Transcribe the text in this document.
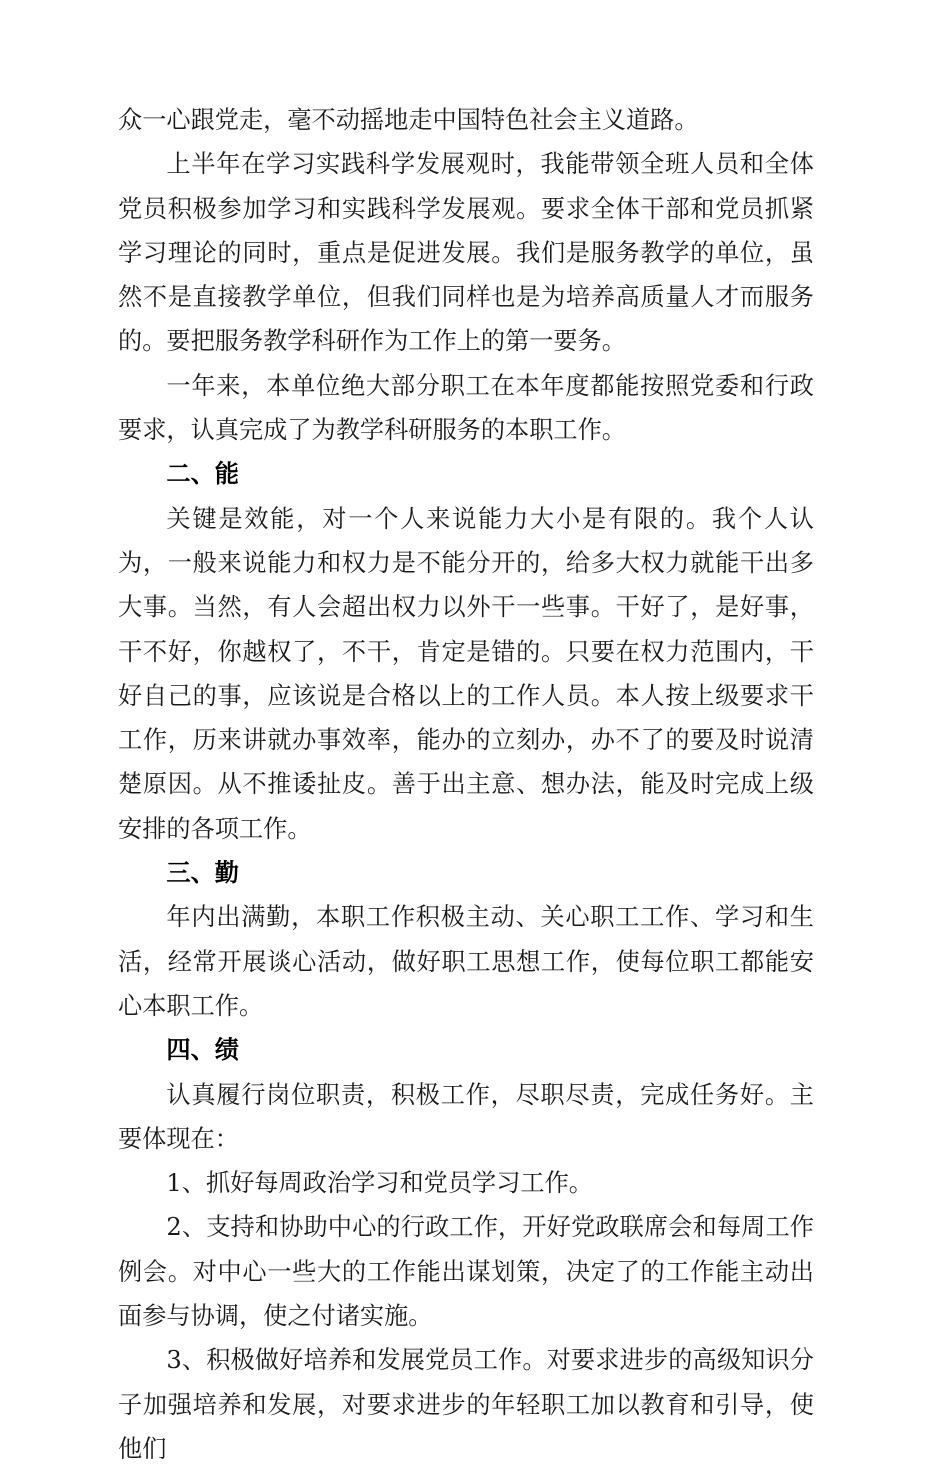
众一心跟党走，毫不动摇地走中国特色社会主义道路。

上半年在学习实践科学发展观时，我能带领全班人员和全体党员积极参加学习和实践科学发展观。要求全体干部和党员抓紧学习理论的同时，重点是促进发展。我们是服务教学的单位，虽然不是直接教学单位，但我们同样也是为培养高质量人才而服务的。要把服务教学科研作为工作上的第一要务。

一年来，本单位绝大部分职工在本年度都能按照党委和行政要求，认真完成了为教学科研服务的本职工作。

二、能

关键是效能，对一个人来说能力大小是有限的。我个人认为，一般来说能力和权力是不能分开的，给多大权力就能干出多大事。当然，有人会超出权力以外干一些事。干好了，是好事，干不好，你越权了，不干，肯定是错的。只要在权力范围内，干好自己的事，应该说是合格以上的工作人员。本人按上级要求干工作，历来讲就办事效率，能办的立刻办，办不了的要及时说清楚原因。从不推诿扯皮。善于出主意、想办法，能及时完成上级安排的各项工作。

三、勤

年内出满勤，本职工作积极主动、关心职工工作、学习和生活，经常开展谈心活动，做好职工思想工作，使每位职工都能安心本职工作。

四、绩

认真履行岗位职责，积极工作，尽职尽责，完成任务好。主要体现在：

1、抓好每周政治学习和党员学习工作。

2、支持和协助中心的行政工作，开好党政联席会和每周工作例会。对中心一些大的工作能出谋划策，决定了的工作能主动出面参与协调，使之付诸实施。

3、积极做好培养和发展党员工作。对要求进步的高级知识分子加强培养和发展，对要求进步的年轻职工加以教育和引导，使他们
